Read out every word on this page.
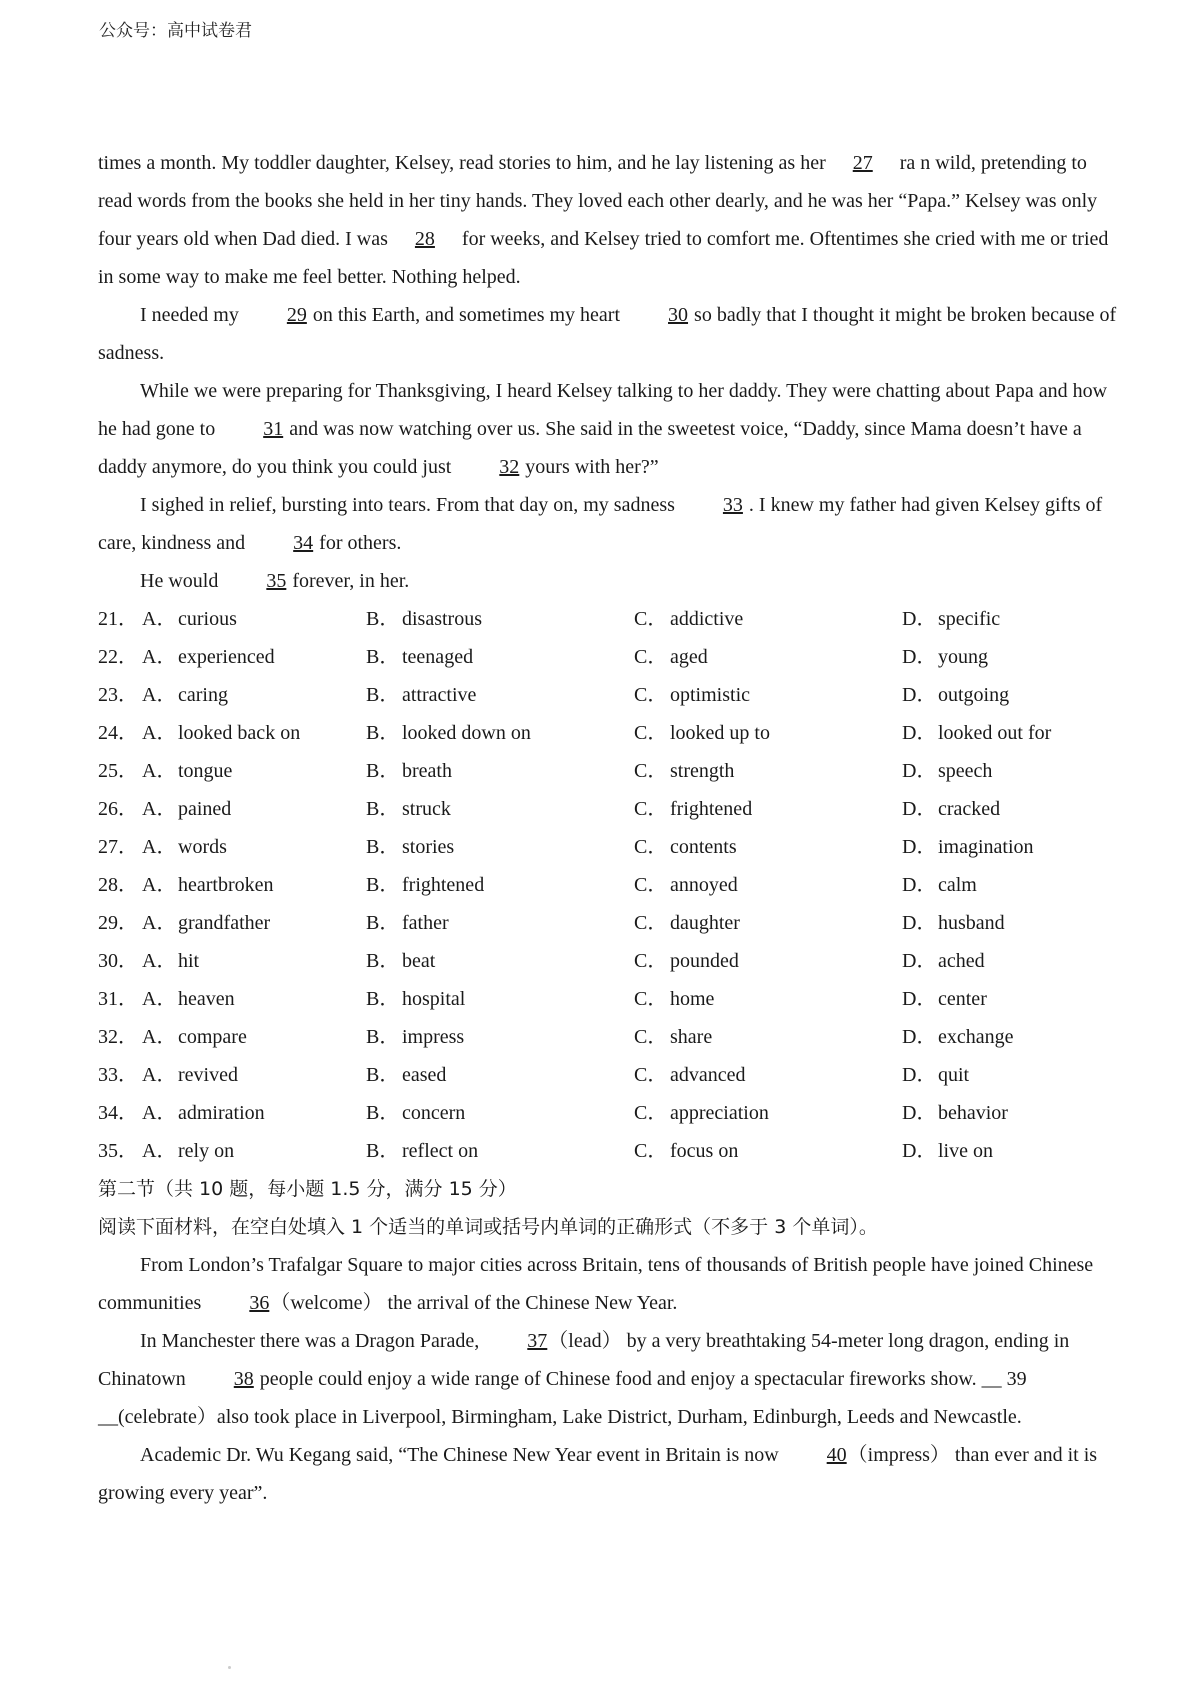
公众号：高中试卷君

times a month. My toddler daughter, Kelsey, read stories to him, and he lay listening as her 27 ra n wild, pretending to read words from the books she held in her tiny hands. They loved each other dearly, and he was her “Papa.” Kelsey was only four years old when Dad died. I was 28 for weeks, and Kelsey tried to comfort me. Oftentimes she cried with me or tried in some way to make me feel better. Nothing helped.

I needed my 29 on this Earth, and sometimes my heart 30 so badly that I thought it might be broken because of sadness.

While we were preparing for Thanksgiving, I heard Kelsey talking to her daddy. They were chatting about Papa and how he had gone to 31 and was now watching over us. She said in the sweetest voice, “Daddy, since Mama doesn’t have a daddy anymore, do you think you could just 32 yours with her?”

I sighed in relief, bursting into tears. From that day on, my sadness 33 . I knew my father had given Kelsey gifts of care, kindness and 34 for others.

He would 35 forever, in her.

21． A．curious	B． disastrous	C． addictive	D．specific
22． A．experienced	B． teenaged	C． aged	D．young
23． A．caring	B． attractive	C． optimistic	D．outgoing
24． A．looked back on	B． looked down on	C． looked up to	D．looked out for
25． A．tongue	B． breath	C． strength	D．speech
26． A．pained	B． struck	C． frightened	D．cracked
27． A．words	B． stories	C． contents	D．imagination
28． A．heartbroken	B． frightened	C． annoyed	D．calm
29． A．grandfather	B． father	C． daughter	D．husband
30． A．hit	B． beat	C． pounded	D．ached
31． A．heaven	B． hospital	C． home	D．center
32． A．compare	B． impress	C． share	D．exchange
33． A．revived	B． eased	C． advanced	D．quit
34． A．admiration	B． concern	C． appreciation	D．behavior
35． A．rely on	B． reflect on	C． focus on	D．live on

第二节（共 10 题，每小题 1.5 分，满分 15 分）

阅读下面材料，在空白处填入 1 个适当的单词或括号内单词的正确形式（不多于 3 个单词）。

From London’s Trafalgar Square to major cities across Britain, tens of thousands of British people have joined Chinese communities 36（welcome） the arrival of the Chinese New Year.

In Manchester there was a Dragon Parade, 37（lead） by a very breathtaking 54-meter long dragon, ending in Chinatown 38 people could enjoy a wide range of Chinese food and enjoy a spectacular fireworks show. __ 39 __(celebrate）also took place in Liverpool, Birmingham, Lake District, Durham, Edinburgh, Leeds and Newcastle.

Academic Dr. Wu Kegang said, “The Chinese New Year event in Britain is now 40（impress） than ever and it is growing every year”.
